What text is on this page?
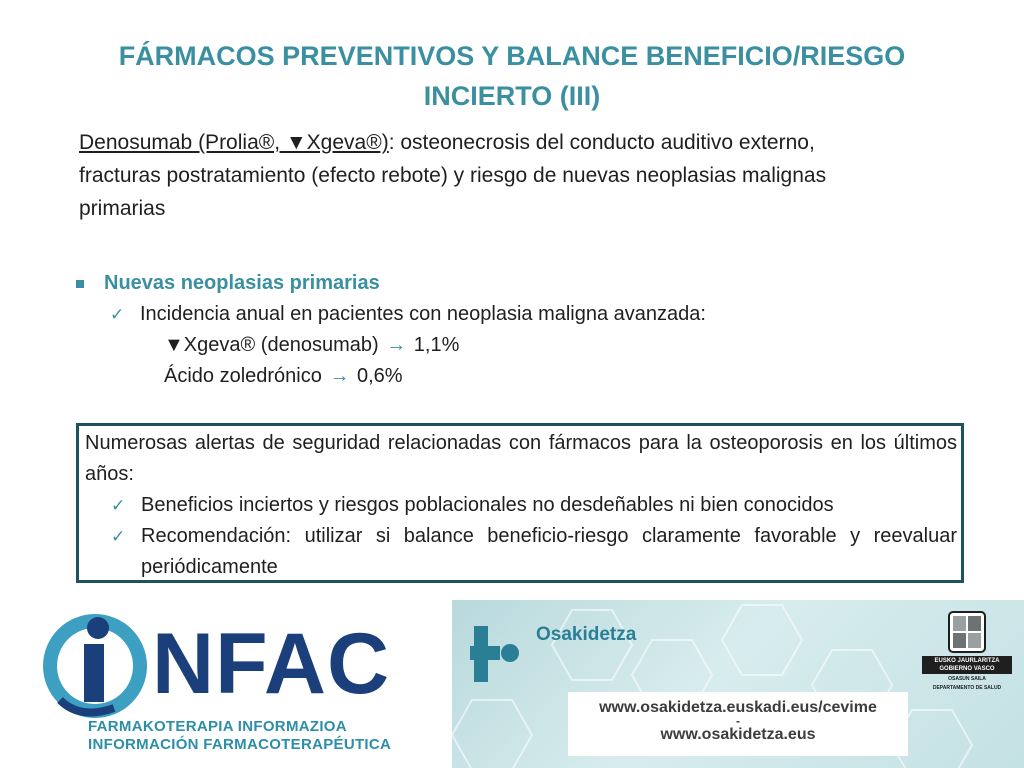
FÁRMACOS PREVENTIVOS Y BALANCE BENEFICIO/RIESGO
INCIERTO (III)
Denosumab (Prolia®, ▼Xgeva®): osteonecrosis del conducto auditivo externo, fracturas postratamiento (efecto rebote) y riesgo de nuevas neoplasias malignas primarias
Nuevas neoplasias primarias
✓ Incidencia anual en pacientes con neoplasia maligna avanzada:
▼Xgeva® (denosumab) → 1,1%
Ácido zoledrónico → 0,6%
Numerosas alertas de seguridad relacionadas con fármacos para la osteoporosis en los últimos años:
✓ Beneficios inciertos y riesgos poblacionales no desdeñables ni bien conocidos
✓ Recomendación: utilizar si balance beneficio-riesgo claramente favorable y reevaluar periódicamente
NFAC
FARMAKOTERAPIA INFORMAZIOA
INFORMACIÓN FARMACOTERAPÉUTICA
Osakidetza
www.osakidetza.euskadi.eus/cevime
-
www.osakidetza.eus
EUSKO JAURLARITZA
GOBIERNO VASCO
OSASUN SAILA
DEPARTAMENTO DE SALUD
